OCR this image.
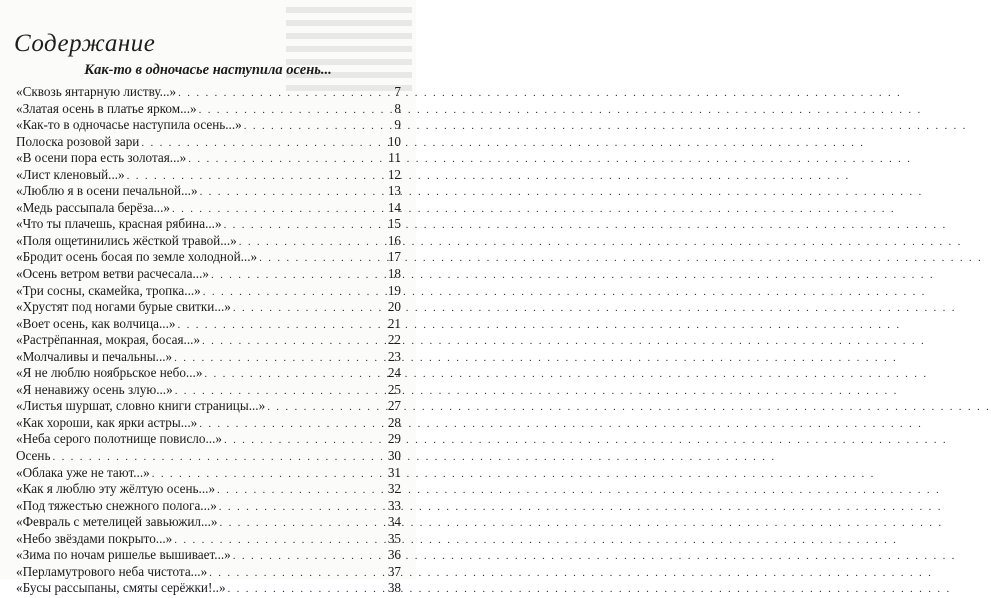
Содержание
Как-то в одночасье наступила осень...
«Сквозь янтарную листву...» . . .	7
«Златая осень в платье ярком...» . . .	8
«Как-то в одночасье наступила осень...» . . .	9
Полоска розовой зари . . .	10
«В осени пора есть золотая...» . . .	11
«Лист кленовый...» . . .	12
«Люблю я в осени печальной...» . . .	13
«Медь рассыпала берёза...» . . .	14
«Что ты плачешь, красная рябина...» . . .	15
«Поля ощетинились жёсткой травой...» . . .	16
«Бродит осень босая по земле холодной...» . . .	17
«Осень ветром ветви расчесала...» . . .	18
«Три сосны, скамейка, тропка...» . . .	19
«Хрустят под ногами бурые свитки...» . . .	20
«Воет осень, как волчица...» . . .	21
«Растрёпанная, мокрая, босая...» . . .	22
«Молчаливы и печальны...» . . .	23
«Я не люблю ноябрьское небо...» . . .	24
«Я ненавижу осень злую...» . . .	25
«Листья шуршат, словно книги страницы...» . . .	27
«Как хороши, как ярки астры...» . . .	28
«Неба серого полотнище повисло...» . . .	29
Осень . . .	30
«Облака уже не тают...» . . .	31
«Как я люблю эту жёлтую осень...» . . .	32
«Под тяжестью снежного полога...» . . .	33
«Февраль с метелицей завьюжил...» . . .	34
«Небо звёздами покрыто...» . . .	35
«Зима по ночам ришелье вышивает...» . . .	36
«Перламутрового неба чистота...» . . .	37
«Бусы рассыпаны, смяты серёжки!..» . . .	38
